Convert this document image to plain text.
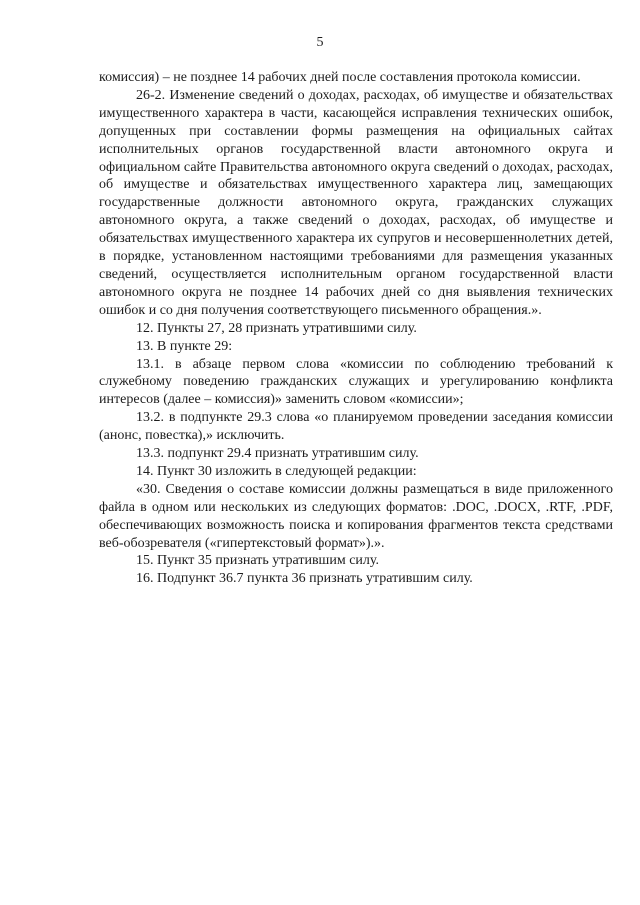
5

комиссия) – не позднее 14 рабочих дней после составления протокола комиссии.

26-2. Изменение сведений о доходах, расходах, об имуществе и обязательствах имущественного характера в части, касающейся исправления технических ошибок, допущенных при составлении формы размещения на официальных сайтах исполнительных органов государственной власти автономного округа и официальном сайте Правительства автономного округа сведений о доходах, расходах, об имуществе и обязательствах имущественного характера лиц, замещающих государственные должности автономного округа, гражданских служащих автономного округа, а также сведений о доходах, расходах, об имуществе и обязательствах имущественного характера их супругов и несовершеннолетних детей, в порядке, установленном настоящими требованиями для размещения указанных сведений, осуществляется исполнительным органом государственной власти автономного округа не позднее 14 рабочих дней со дня выявления технических ошибок и со дня получения соответствующего письменного обращения.».

12. Пункты 27, 28 признать утратившими силу.

13. В пункте 29:

13.1. в абзаце первом слова «комиссии по соблюдению требований к служебному поведению гражданских служащих и урегулированию конфликта интересов (далее – комиссия)» заменить словом «комиссии»;

13.2. в подпункте 29.3 слова «о планируемом проведении заседания комиссии (анонс, повестка),» исключить.

13.3. подпункт 29.4 признать утратившим силу.

14. Пункт 30 изложить в следующей редакции:

«30. Сведения о составе комиссии должны размещаться в виде приложенного файла в одном или нескольких из следующих форматов: .DOC, .DOCX, .RTF, .PDF, обеспечивающих возможность поиска и копирования фрагментов текста средствами веб-обозревателя («гипертекстовый формат»).».

15. Пункт 35 признать утратившим силу.

16. Подпункт 36.7 пункта 36 признать утратившим силу.
